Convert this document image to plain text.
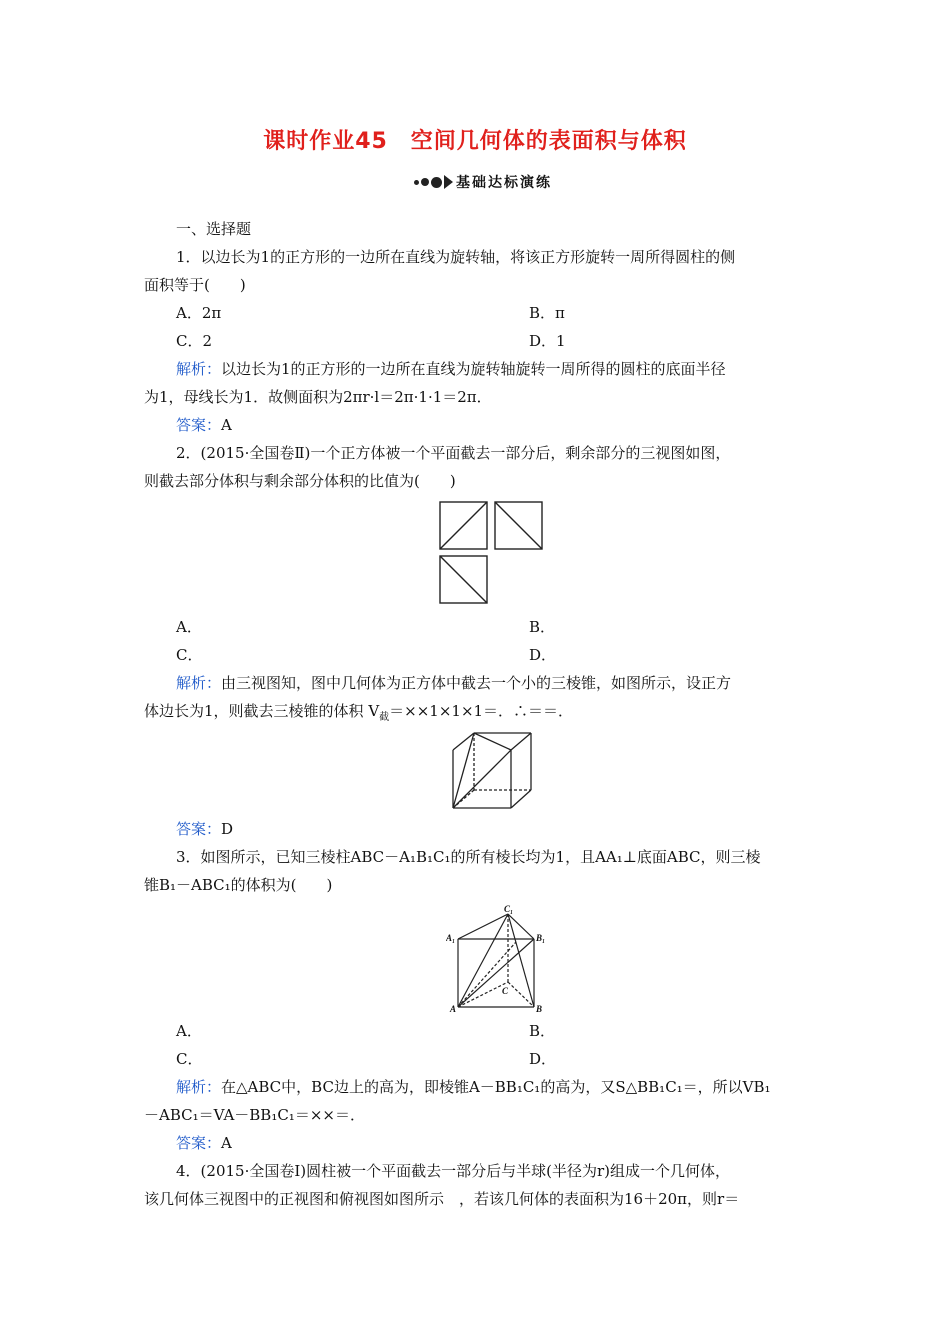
课时作业45　空间几何体的表面积与体积
基础达标演练
一、选择题
1．以边长为1的正方形的一边所在直线为旋转轴，将该正方形旋转一周所得圆柱的侧
面积等于(　　)
A．2π	B．π
C．2	D．1
解析：以边长为1的正方形的一边所在直线为旋转轴旋转一周所得的圆柱的底面半径
为1，母线长为1．故侧面积为2πr·l＝2π·1·1＝2π．
答案：A
2．(2015·全国卷Ⅱ)一个正方体被一个平面截去一部分后，剩余部分的三视图如图，
则截去部分体积与剩余部分体积的比值为(　　)
A．	B．
C．	D．
解析：由三视图知，图中几何体为正方体中截去一个小的三棱锥，如图所示，设正方
体边长为1，则截去三棱锥的体积 $V_截=\times\times 1\times 1\times 1=$．∴＝＝．
答案：D
3．如图所示，已知三棱柱ABC－A₁B₁C₁的所有棱长均为1，且AA₁⊥底面ABC，则三棱
锥B₁－ABC₁的体积为(　　)
C₁
A₁	B₁
C
A	B
A．	B．
C．	D．
解析：在△ABC中，BC边上的高为，即棱锥A－BB₁C₁的高为，又S△BB₁C₁＝，所以VB₁
－ABC₁＝VA－BB₁C₁＝××＝．
答案：A
4．(2015·全国卷Ⅰ)圆柱被一个平面截去一部分后与半球(半径为r)组成一个几何体，
该几何体三视图中的正视图和俯视图如图所示　，若该几何体的表面积为16＋20π，则r＝
